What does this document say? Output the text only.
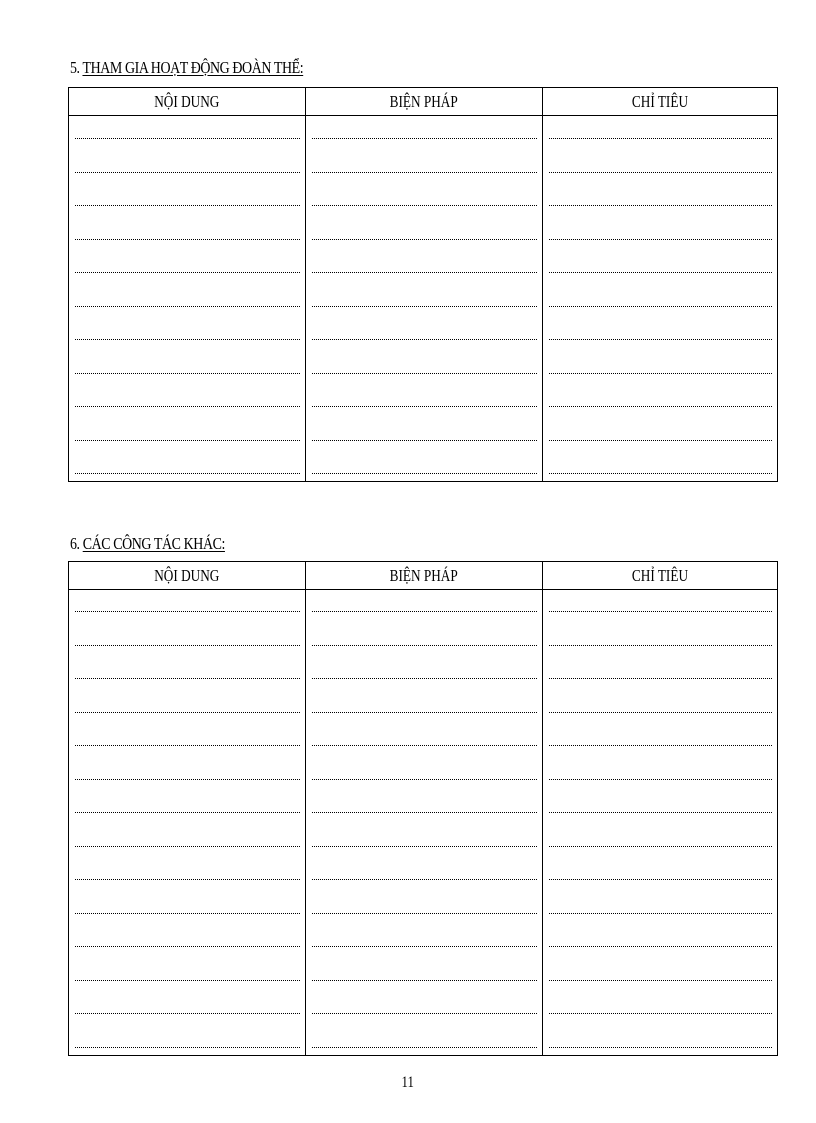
5. THAM GIA HOẠT ĐỘNG ĐOÀN THỂ:
NỘI DUNG	BIỆN PHÁP	CHỈ TIÊU

6. CÁC CÔNG TÁC KHÁC:
NỘI DUNG	BIỆN PHÁP	CHỈ TIÊU

11
